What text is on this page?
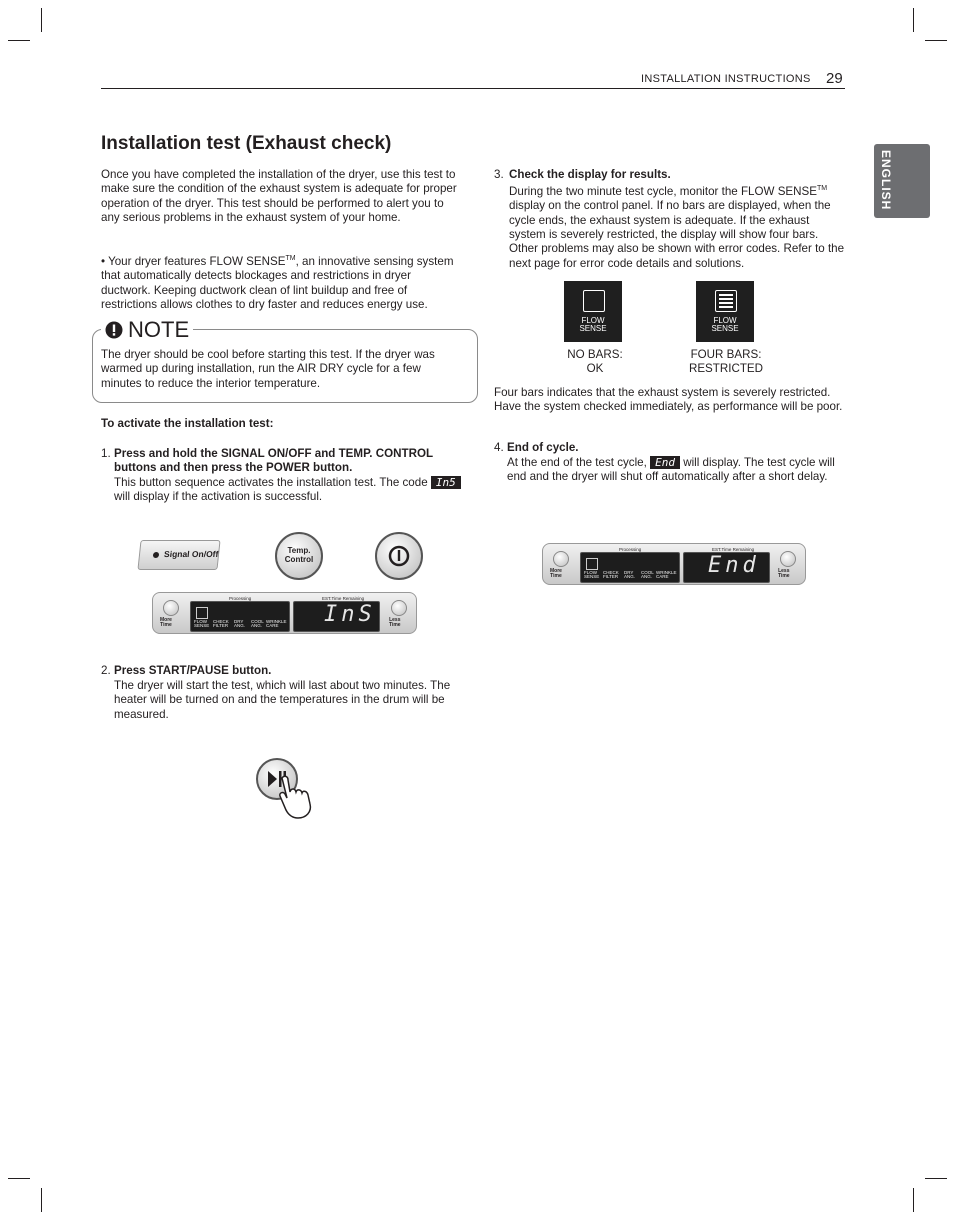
INSTALLATION INSTRUCTIONS 29
ENGLISH
Installation test (Exhaust check)
Once you have completed the installation of the dryer, use this test to make sure the condition of the exhaust system is adequate for proper operation of the dryer. This test should be performed to alert you to any serious problems in the exhaust system of your home.
• Your dryer features FLOW SENSE™, an innovative sensing system that automatically detects blockages and restrictions in dryer ductwork. Keeping ductwork clean of lint buildup and free of restrictions allows clothes to dry faster and reduces energy use.
NOTE
The dryer should be cool before starting this test. If the dryer was warmed up during installation, run the AIR DRY cycle for a few minutes to reduce the interior temperature.
To activate the installation test:
1. Press and hold the SIGNAL ON/OFF and TEMP. CONTROL buttons and then press the POWER button.
This button sequence activates the installation test. The code In5 will display if the activation is successful.
Signal On/Off	Temp.
Control
More
Time
Processing
FLOW
SENSE
CHECK
FILTER
DRY
ANG.
COOL
ANG.
WRINKLE
CARE
EST.Time Remaining
InS	Less
Time
2. Press START/PAUSE button.
The dryer will start the test, which will last about two minutes. The heater will be turned on and the temperatures in the drum will be measured.
3. Check the display for results.
During the two minute test cycle, monitor the FLOW SENSE™ display on the control panel. If no bars are displayed, when the cycle ends, the exhaust system is adequate. If the exhaust system is severely restricted, the display will show four bars. Other problems may also be shown with error codes. Refer to the next page for error code details and solutions.
FLOW
SENSE
FLOW
SENSE
NO BARS:
OK
FOUR BARS:
RESTRICTED
Four bars indicates that the exhaust system is severely restricted. Have the system checked immediately, as performance will be poor.
4. End of cycle.
At the end of the test cycle, End will display. The test cycle will end and the dryer will shut off automatically after a short delay.
More
Time
Processing
FLOW
SENSE
CHECK
FILTER
DRY
ANG.
COOL
ANG.
WRINKLE
CARE
EST.Time Remaining
End	Less
Time
